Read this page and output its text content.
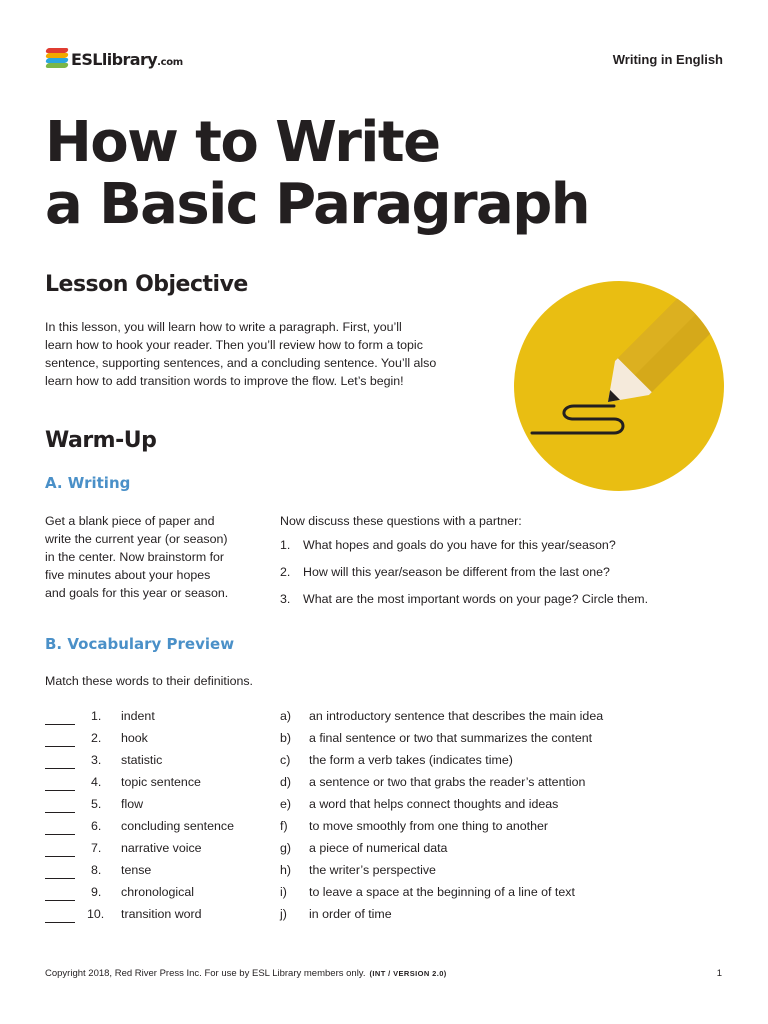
ESLlibrary.com	Writing in English
How to Write
a Basic Paragraph
Lesson Objective
In this lesson, you will learn how to write a paragraph. First, you’ll
learn how to hook your reader. Then you’ll review how to form a topic
sentence, supporting sentences, and a concluding sentence. You’ll also
learn how to add transition words to improve the flow. Let’s begin!
Warm-Up
A. Writing
Get a blank piece of paper and
write the current year (or season)
in the center. Now brainstorm for
five minutes about your hopes
and goals for this year or season.
Now discuss these questions with a partner:
1.	What hopes and goals do you have for this year/season?
2.	How will this year/season be different from the last one?
3.	What are the most important words on your page? Circle them.
B. Vocabulary Preview
Match these words to their definitions.
1. indent	a) an introductory sentence that describes the main idea
2. hook	b) a final sentence or two that summarizes the content
3. statistic	c) the form a verb takes (indicates time)
4. topic sentence	d) a sentence or two that grabs the reader’s attention
5. flow	e) a word that helps connect thoughts and ideas
6. concluding sentence	f) to move smoothly from one thing to another
7. narrative voice	g) a piece of numerical data
8. tense	h) the writer’s perspective
9. chronological	i) to leave a space at the beginning of a line of text
10. transition word	j) in order of time
Copyright 2018, Red River Press Inc. For use by ESL Library members only. (INT / VERSION 2.0)	1
